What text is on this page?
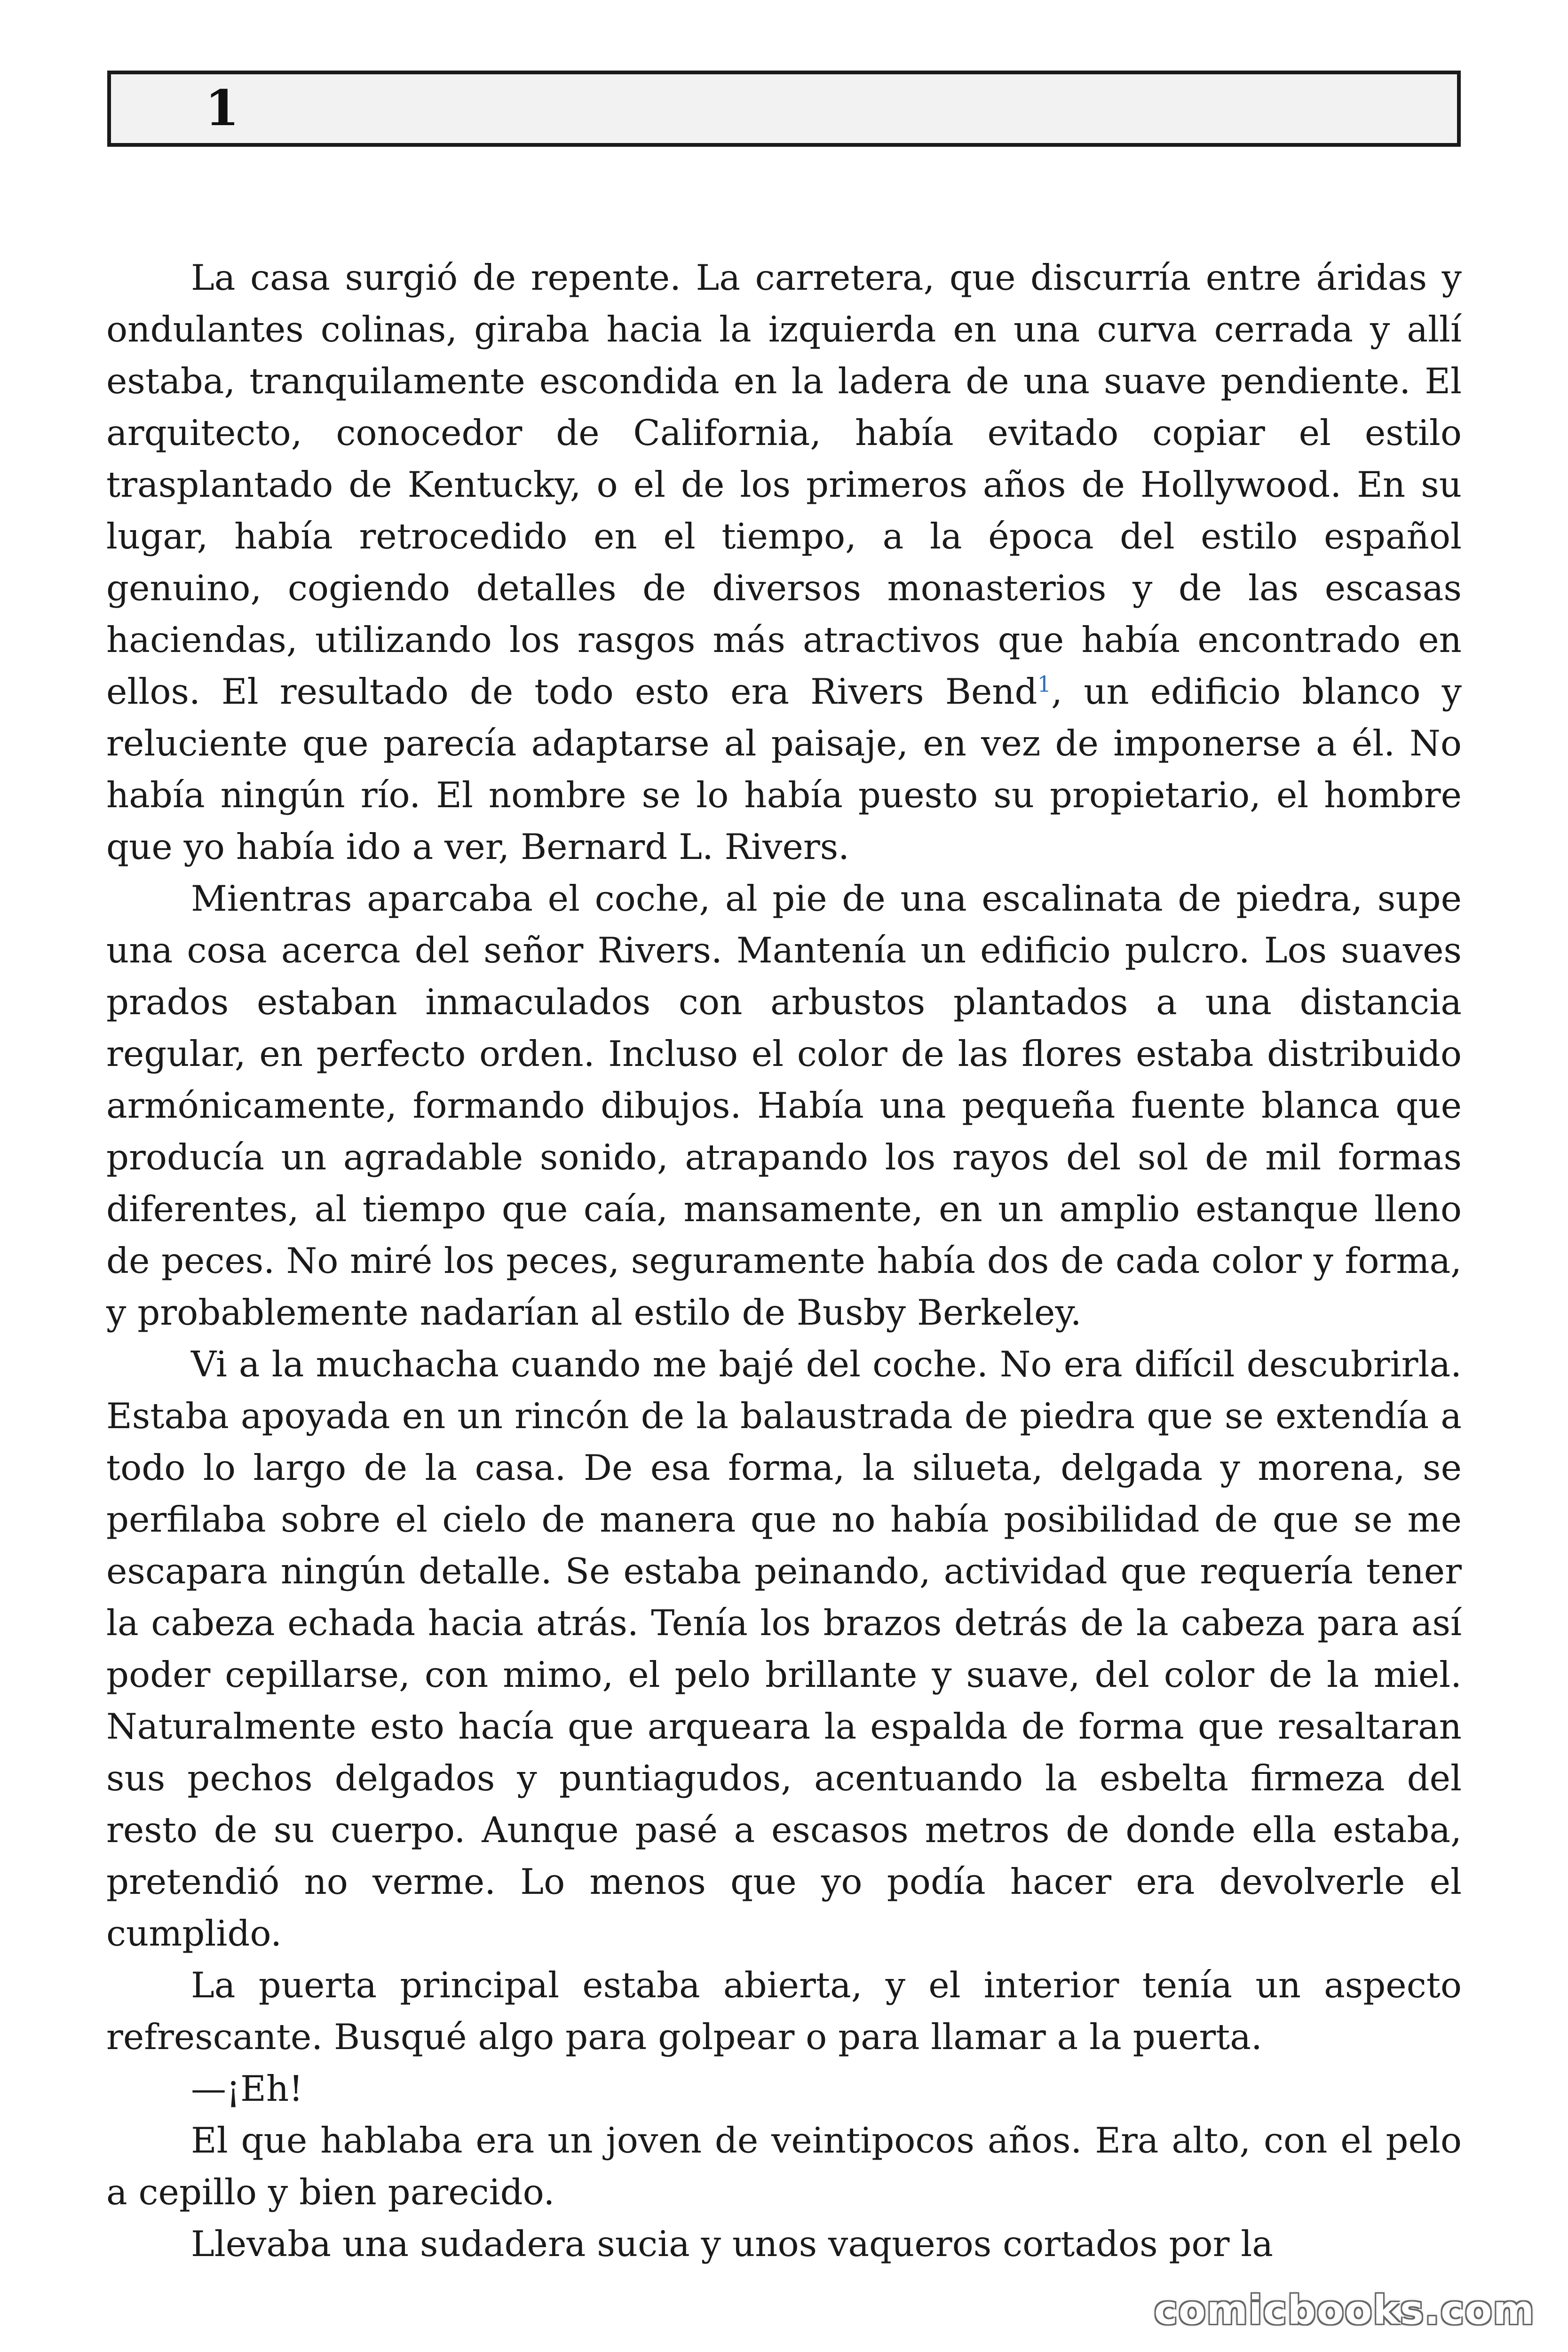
1

La casa surgió de repente. La carretera, que discurría entre áridas y ondulantes colinas, giraba hacia la izquierda en una curva cerrada y allí estaba, tranquilamente escondida en la ladera de una suave pendiente. El arquitecto, conocedor de California, había evitado copiar el estilo trasplantado de Kentucky, o el de los primeros años de Hollywood. En su lugar, había retrocedido en el tiempo, a la época del estilo español genuino, cogiendo detalles de diversos monasterios y de las escasas haciendas, utilizando los rasgos más atractivos que había encontrado en ellos. El resultado de todo esto era Rivers Bend$^1$, un edificio blanco y reluciente que parecía adaptarse al paisaje, en vez de imponerse a él. No había ningún río. El nombre se lo había puesto su propietario, el hombre que yo había ido a ver, Bernard L. Rivers.

Mientras aparcaba el coche, al pie de una escalinata de piedra, supe una cosa acerca del señor Rivers. Mantenía un edificio pulcro. Los suaves prados estaban inmaculados con arbustos plantados a una distancia regular, en perfecto orden. Incluso el color de las flores estaba distribuido armónicamente, formando dibujos. Había una pequeña fuente blanca que producía un agradable sonido, atrapando los rayos del sol de mil formas diferentes, al tiempo que caía, mansamente, en un amplio estanque lleno de peces. No miré los peces, seguramente había dos de cada color y forma, y probablemente nadarían al estilo de Busby Berkeley.

Vi a la muchacha cuando me bajé del coche. No era difícil descubrirla. Estaba apoyada en un rincón de la balaustrada de piedra que se extendía a todo lo largo de la casa. De esa forma, la silueta, delgada y morena, se perfilaba sobre el cielo de manera que no había posibilidad de que se me escapara ningún detalle. Se estaba peinando, actividad que requería tener la cabeza echada hacia atrás. Tenía los brazos detrás de la cabeza para así poder cepillarse, con mimo, el pelo brillante y suave, del color de la miel. Naturalmente esto hacía que arqueara la espalda de forma que resaltaran sus pechos delgados y puntiagudos, acentuando la esbelta firmeza del resto de su cuerpo. Aunque pasé a escasos metros de donde ella estaba, pretendió no verme. Lo menos que yo podía hacer era devolverle el cumplido.

La puerta principal estaba abierta, y el interior tenía un aspecto refrescante. Busqué algo para golpear o para llamar a la puerta.

—¡Eh!

El que hablaba era un joven de veintipocos años. Era alto, con el pelo a cepillo y bien parecido.

Llevaba una sudadera sucia y unos vaqueros cortados por la

comicbooks.com
